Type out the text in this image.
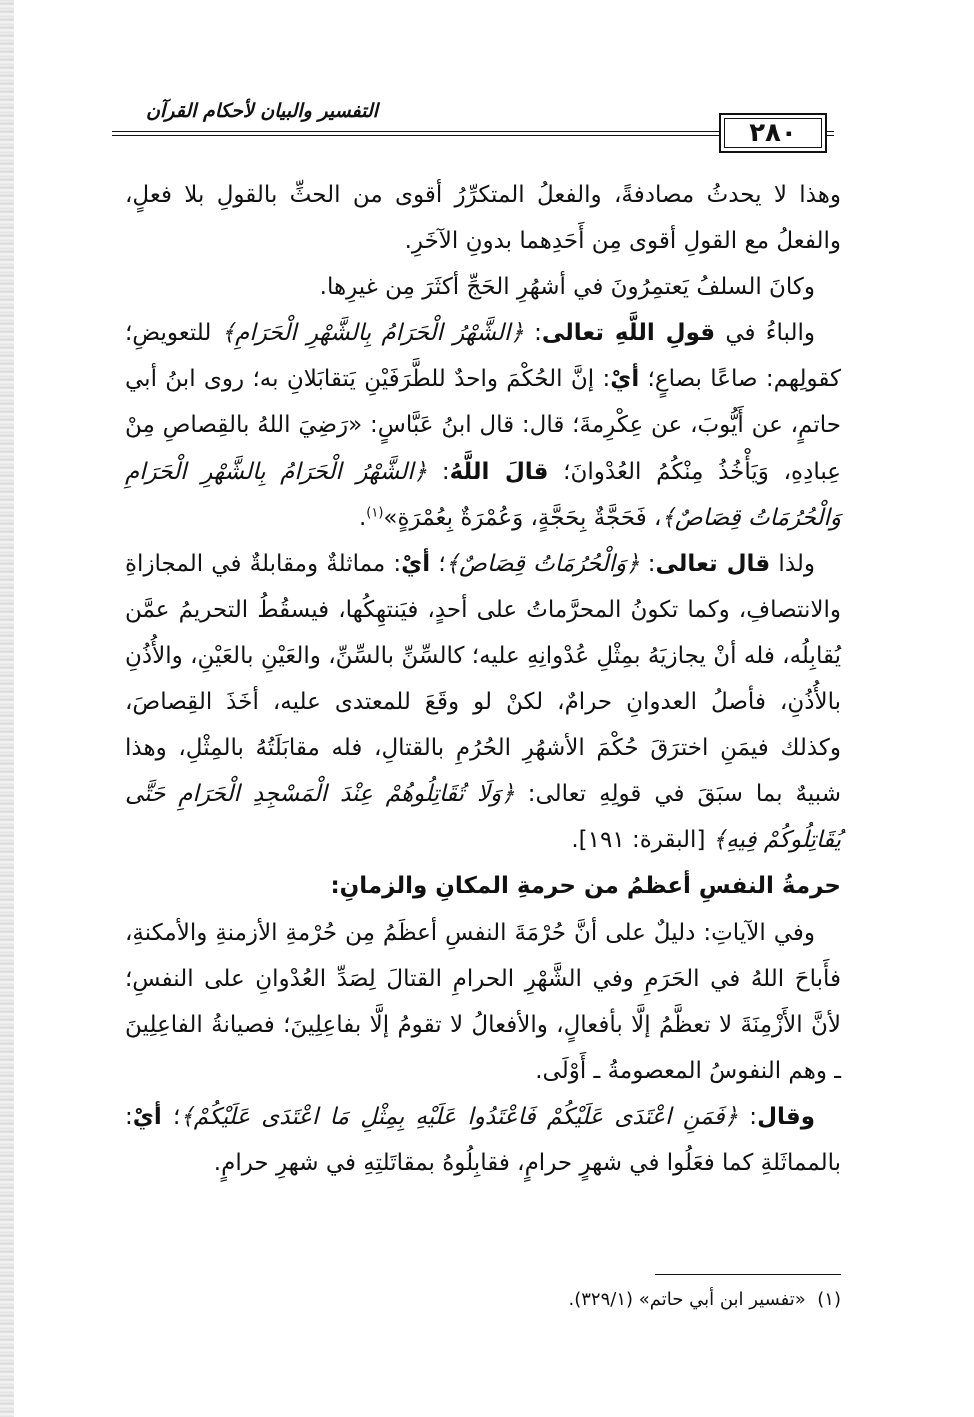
التفسير والبيان لأحكام القرآن
٢٨٠

وهذا لا يحدثُ مصادفةً، والفعلُ المتكرِّرُ أقوى من الحثِّ بالقولِ بلا فعلٍ، والفعلُ مع القولِ أقوى مِن أَحَدِهما بدونِ الآخَرِ.

وكانَ السلفُ يَعتمِرُونَ في أشهُرِ الحَجِّ أكثَرَ مِن غيرِها.

والباءُ في قولِ اللَّهِ تعالى: ﴿الشَّهْرُ الْحَرَامُ بِالشَّهْرِ الْحَرَامِ﴾ للتعويضِ؛ كقولِهم: صاعًا بصاعٍ؛ أيْ: إنَّ الحُكْمَ واحدٌ للطَّرَفَيْنِ يَتقابَلانِ به؛ روى ابنُ أبي حاتمٍ، عن أَيُّوبَ، عن عِكْرِمةَ؛ قال: قال ابنُ عَبَّاسٍ: «رَضِيَ اللهُ بالقِصاصِ مِنْ عِبادِهِ، وَيَأْخُذُ مِنْكُمُ العُدْوانَ؛ قالَ اللَّهُ: ﴿الشَّهْرُ الْحَرَامُ بِالشَّهْرِ الْحَرَامِ وَالْحُرُمَاتُ قِصَاصٌ﴾، فَحَجَّةٌ بِحَجَّةٍ، وَعُمْرَةٌ بِعُمْرَةٍ»$^{(١)}$.

ولذا قال تعالى: ﴿وَالْحُرُمَاتُ قِصَاصٌ﴾؛ أيْ: مماثلةٌ ومقابلةٌ في المجازاةِ والانتصافِ، وكما تكونُ المحرَّماتُ على أحدٍ، فيَنتهِكُها، فيسقُطُ التحريمُ عمَّن يُقابِلُه، فله أنْ يجازيَهُ بمِثْلِ عُدْوانِهِ عليه؛ كالسِّنِّ بالسِّنِّ، والعَيْنِ بالعَيْنِ، والأُذُنِ بالأُذُنِ، فأصلُ العدوانِ حرامٌ، لكنْ لو وقَعَ للمعتدى عليه، أخَذَ القِصاصَ، وكذلك فيمَنِ اخترَقَ حُكْمَ الأشهُرِ الحُرُمِ بالقتالِ، فله مقابَلَتُهُ بالمِثْلِ، وهذا شبيهٌ بما سبَقَ في قولِهِ تعالى: ﴿وَلَا تُقَاتِلُوهُمْ عِنْدَ الْمَسْجِدِ الْحَرَامِ حَتَّى يُقَاتِلُوكُمْ فِيهِ﴾ [البقرة: ١٩١].

حرمةُ النفسِ أعظمُ من حرمةِ المكانِ والزمانِ:

وفي الآياتِ: دليلٌ على أنَّ حُرْمَةَ النفسِ أعظَمُ مِن حُرْمةِ الأزمنةِ والأمكنةِ، فأَباحَ اللهُ في الحَرَمِ وفي الشَّهْرِ الحرامِ القتالَ لِصَدِّ العُدْوانِ على النفسِ؛ لأنَّ الأَزْمِنَةَ لا تعظَّمُ إلَّا بأفعالٍ، والأفعالُ لا تقومُ إلَّا بفاعِلِينَ؛ فصيانةُ الفاعِلِينَ ـ وهم النفوسُ المعصومةُ ـ أَوْلَى.

وقال: ﴿فَمَنِ اعْتَدَى عَلَيْكُمْ فَاعْتَدُوا عَلَيْهِ بِمِثْلِ مَا اعْتَدَى عَلَيْكُمْ﴾؛ أيْ: بالمماثَلةِ كما فعَلُوا في شهرٍ حرامٍ، فقابِلُوهُ بمقاتَلتِهِ في شهرِ حرامٍ.

(١)  «تفسير ابن أبي حاتم» (٣٢٩/١).
